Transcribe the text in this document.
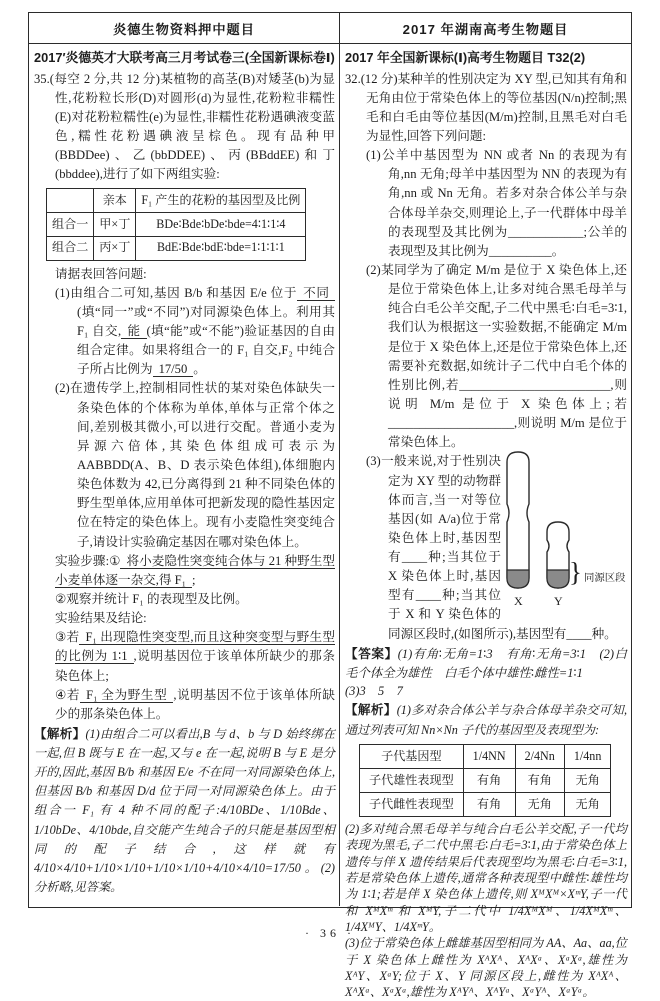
炎德生物资料押中题目	2017 年湖南高考生物题目
2017′炎德英才大联考高三月考试卷三(全国新课标卷Ⅰ)

35.(每空 2 分,共 12 分)某植物的高茎(B)对矮茎(b)为显性,花粉粒长形(D)对圆形(d)为显性,花粉粒非糯性(E)对花粉粒糯性(e)为显性,非糯性花粉遇碘液变蓝色,糯性花粉遇碘液呈棕色。现有品种甲(BBDDee)、乙(bbDDEE)、丙(BBddEE)和丁(bbddee),进行了如下两组实验:

	亲本	F₁ 产生的花粉的基因型及比例
组合一	甲×丁	BDe∶Bde∶bDe∶bde=4∶1∶1∶4
组合二	丙×丁	BdE∶Bde∶bdE∶bde=1∶1∶1∶1

请据表回答问题:

(1)由组合二可知,基因 B/b 和基因 E/e 位于 不同(填“同一”或“不同”)对同源染色体上。利用其 F₁ 自交, 能 (填“能”或“不能”)验证基因的自由组合定律。如果将组合一的 F₁ 自交,F₂ 中纯合子所占比例为 17/50 。

(2)在遗传学上,控制相同性状的某对染色体缺失一条染色体的个体称为单体,单体与正常个体之间,差别极其微小,可以进行交配。普通小麦为异源六倍体,其染色体组成可表示为 AABBDD(A、B、D 表示染色体组),体细胞内染色体数为 42,已分离得到 21 种不同染色体的野生型单体,应用单体可把新发现的隐性基因定位在特定的染色体上。现有小麦隐性突变纯合子,请设计实验确定基因在哪对染色体上。

实验步骤:① 将小麦隐性突变纯合体与 21 种野生型小麦单体逐一杂交,得 F₁ ;

②观察并统计 F₁ 的表现型及比例。

实验结果及结论:

③若 F₁ 出现隐性突变型,而且这种突变型与野生型的比例为 1∶1 ,说明基因位于该单体所缺少的那条染色体上;

④若 F₁ 全为野生型 ,说明基因不位于该单体所缺少的那条染色体上。

【解析】(1)由组合二可以看出,B 与 d、b 与 D 始终绑在一起,但 B 既与 E 在一起,又与 e 在一起,说明 B 与 E 是分开的,因此,基因 B/b 和基因 E/e 不在同一对同源染色体上,但基因 B/b 和基因 D/d 位于同一对同源染色体上。由于组合一 F₁ 有 4 种不同的配子:4/10BDe、1/10Bde、1/10bDe、4/10bde,自交能产生纯合子的只能是基因型相同的配子结合,这样就有 4/10×4/10+1/10×1/10+1/10×1/10+4/10×4/10=17/50。(2)分析略,见答案。

2017 年全国新课标(Ⅰ)高考生物题目 T32(2)

32.(12 分)某种羊的性别决定为 XY 型,已知其有角和无角由位于常染色体上的等位基因(N/n)控制;黑毛和白毛由等位基因(M/m)控制,且黑毛对白毛为显性,回答下列问题:

(1)公羊中基因型为 NN 或者 Nn 的表现为有角,nn 无角;母羊中基因型为 NN 的表现为有角,nn 或 Nn 无角。若多对杂合体公羊与杂合体母羊杂交,则理论上,子一代群体中母羊的表现型及其比例为____________;公羊的表现型及其比例为__________。

(2)某同学为了确定 M/m 是位于 X 染色体上,还是位于常染色体上,让多对纯合黑毛母羊与纯合白毛公羊交配,子二代中黑毛∶白毛=3∶1,我们认为根据这一实验数据,不能确定 M/m 是位于 X 染色体上,还是位于常染色体上,还需要补充数据,如统计子二代中白毛个体的性别比例,若________________________,则说明 M/m 是位于 X 染色体上;若____________________,则说明 M/m 是位于常染色体上。

} 同源区段
X	Y

(3)一般来说,对于性别决定为 XY 型的动物群体而言,当一对等位基因(如 A/a)位于常染色体上时,基因型有____种;当其位于 X 染色体上时,基因型有____种;当其位于 X 和 Y 染色体的同源区段时,(如图所示),基因型有____种。

【答案】(1)有角∶无角=1∶3　有角∶无角=3∶1　(2)白毛个体全为雄性　白毛个体中雄性∶雌性=1∶1

(3)3　5　7

【解析】(1)多对杂合体公羊与杂合体母羊杂交可知,通过列表可知 Nn×Nn 子代的基因型及表现型为:

子代基因型	1/4NN	2/4Nn	1/4nn
子代雄性表现型	有角	有角	无角
子代雌性表现型	有角	无角	无角

(2)多对纯合黑毛母羊与纯合白毛公羊交配,子一代均表现为黑毛,子二代中黑毛∶白毛=3∶1,由于常染色体上遗传与伴 X 遗传结果后代表现型均为黑毛∶白毛=3∶1,若是常染色体上遗传,通常各种表现型中雌性∶雄性均为 1∶1;若是伴 X 染色体上遗传,则 XᴹXᴹ×XᵐY,子一代和 XᴹXᵐ 和 XᴹY,子二代中 1/4XᴹXᴹ、1/4XᴹXᵐ、1/4XᴹY、1/4XᵐY。

(3)位于常染色体上雌雄基因型相同为 AA、Aa、aa,位于 X 染色体上雌性为 XᴬXᴬ、XᴬXᵃ、XᵃXᵃ,雄性为 XᴬY、XᵃY;位于 X、Y 同源区段上,雌性为 XᴬXᴬ、XᴬXᵃ、XᵃXᵃ,雄性为 XᴬYᴬ、XᴬYᵃ、XᵃYᴬ、XᵃYᵃ。

· 36 ·
